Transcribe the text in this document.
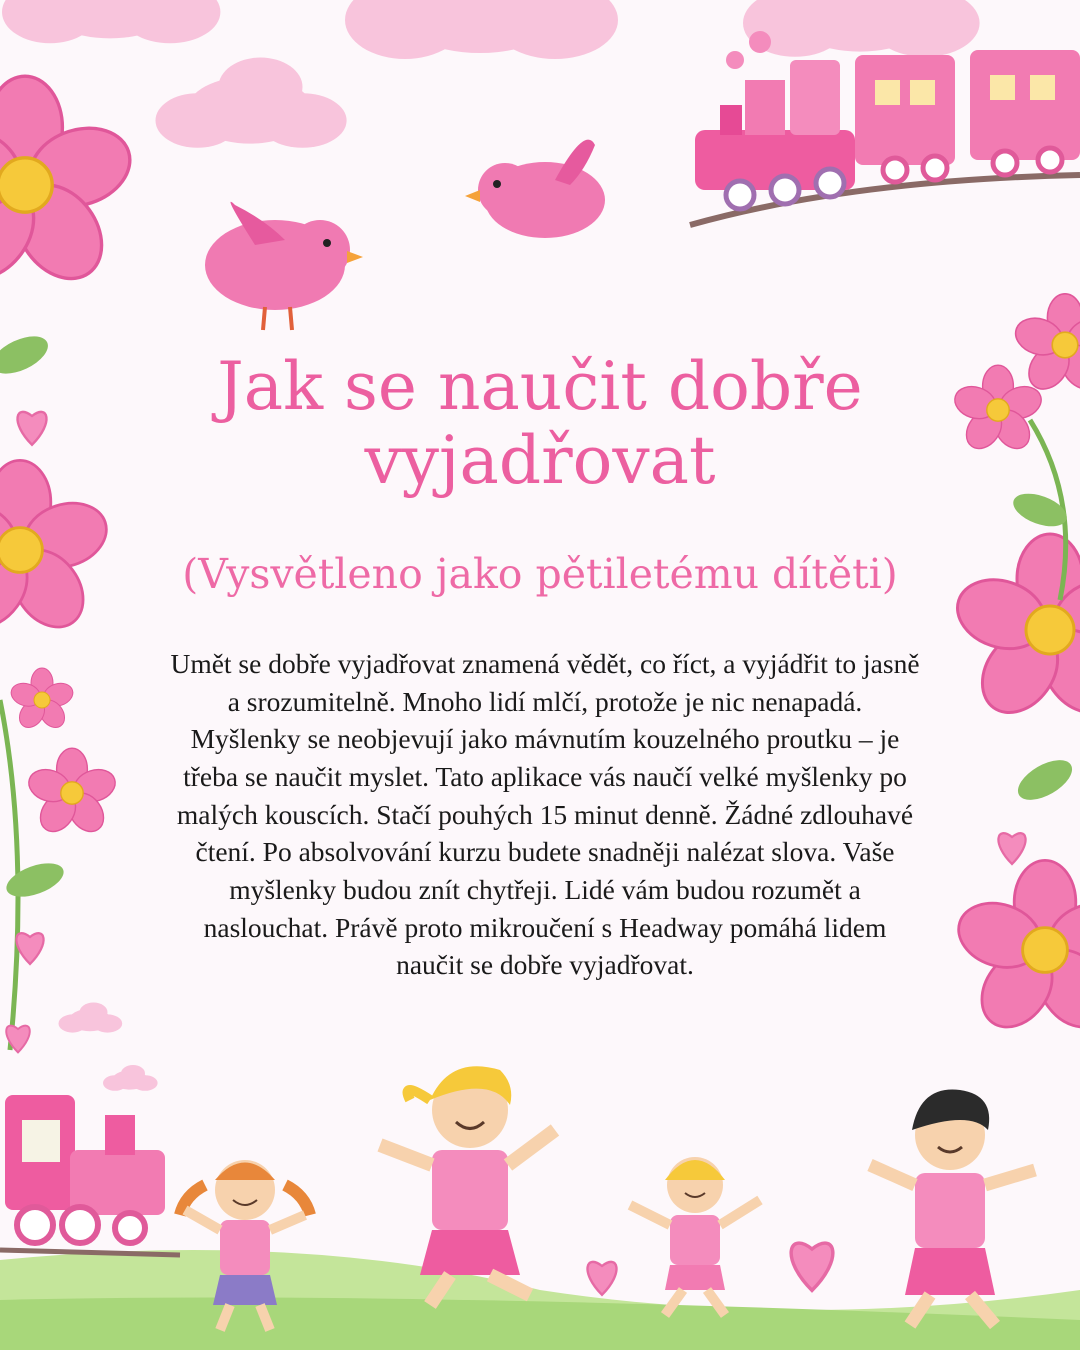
Jak se naučit dobře vyjadřovat

(Vysvětleno jako pětiletému dítěti)

Umět se dobře vyjadřovat znamená vědět, co říct, a vyjádřit to jasně a srozumitelně. Mnoho lidí mlčí, protože je nic nenapadá. Myšlenky se neobjevují jako mávnutím kouzelného proutku – je třeba se naučit myslet. Tato aplikace vás naučí velké myšlenky po malých kouscích. Stačí pouhých 15 minut denně. Žádné zdlouhavé čtení. Po absolvování kurzu budete snadněji nalézat slova. Vaše myšlenky budou znít chytřeji. Lidé vám budou rozumět a naslouchat. Právě proto mikroučení s Headway pomáhá lidem naučit se dobře vyjadřovat.
